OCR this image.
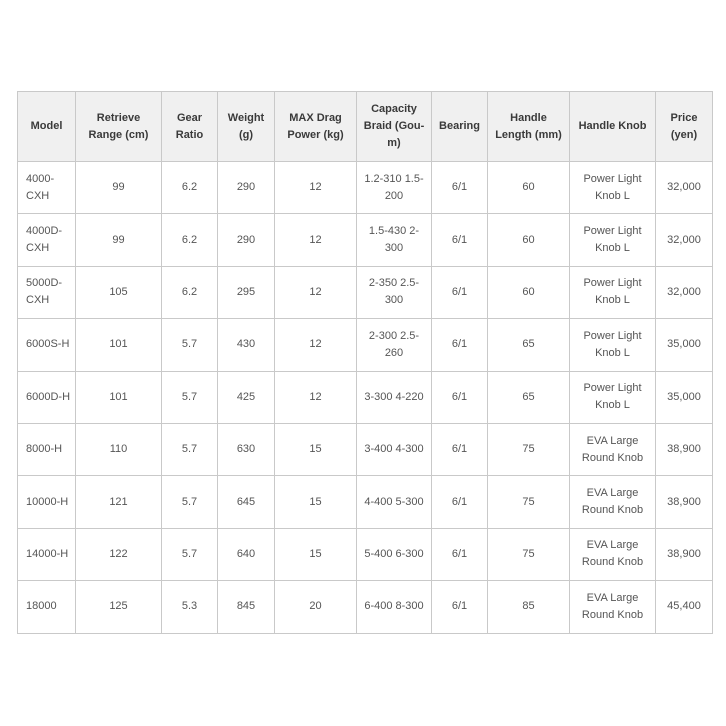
Model	Retrieve Range (cm)	Gear Ratio	Weight (g)	MAX Drag Power (kg)	Capacity Braid (Gou-m)	Bearing	Handle Length (mm)	Handle Knob	Price (yen)
4000-CXH	99	6.2	290	12	1.2-310 1.5-200	6/1	60	Power Light Knob L	32,000
4000D-CXH	99	6.2	290	12	1.5-430 2-300	6/1	60	Power Light Knob L	32,000
5000D-CXH	105	6.2	295	12	2-350 2.5-300	6/1	60	Power Light Knob L	32,000
6000S-H	101	5.7	430	12	2-300 2.5-260	6/1	65	Power Light Knob L	35,000
6000D-H	101	5.7	425	12	3-300 4-220	6/1	65	Power Light Knob L	35,000
8000-H	110	5.7	630	15	3-400 4-300	6/1	75	EVA Large Round Knob	38,900
10000-H	121	5.7	645	15	4-400 5-300	6/1	75	EVA Large Round Knob	38,900
14000-H	122	5.7	640	15	5-400 6-300	6/1	75	EVA Large Round Knob	38,900
18000	125	5.3	845	20	6-400 8-300	6/1	85	EVA Large Round Knob	45,400
